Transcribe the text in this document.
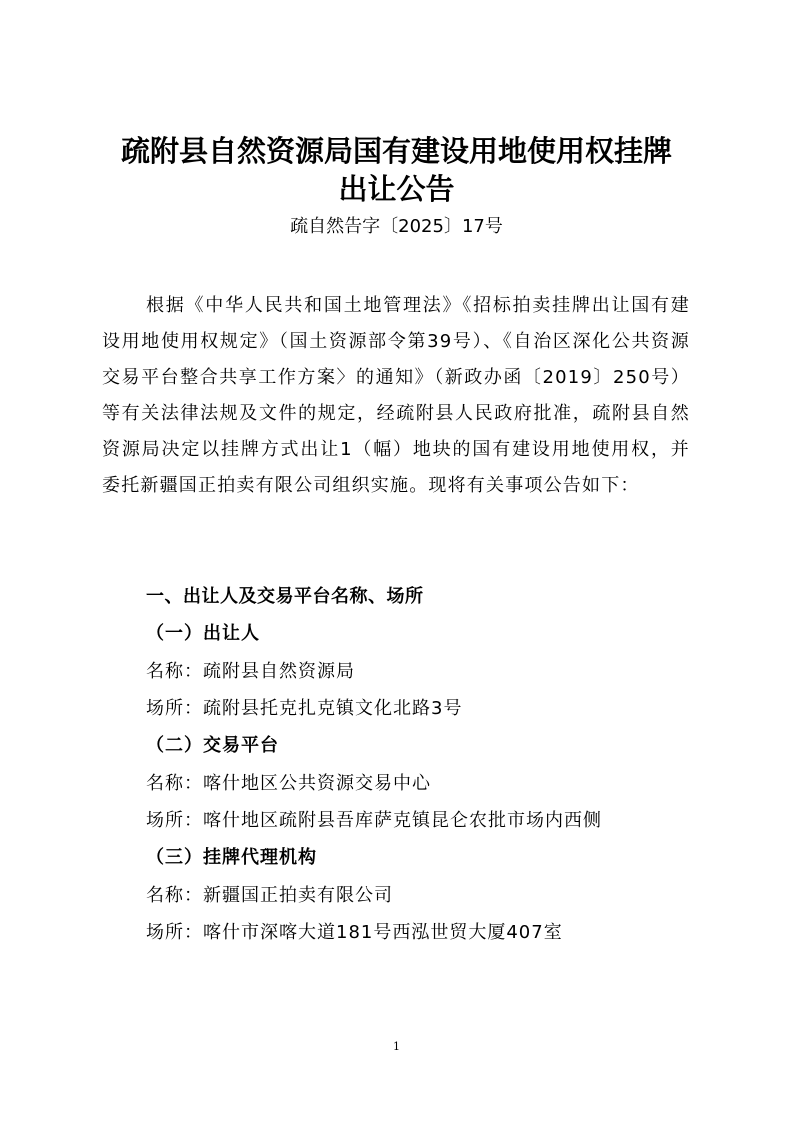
疏附县自然资源局国有建设用地使用权挂牌
出让公告
疏自然告字〔2025〕17号

根据《中华人民共和国土地管理法》《招标拍卖挂牌出让国有建设用地使用权规定》（国土资源部令第39号）、《自治区深化公共资源交易平台整合共享工作方案〉的通知》（新政办函〔2019〕250号）等有关法律法规及文件的规定，经疏附县人民政府批准，疏附县自然资源局决定以挂牌方式出让1（幅）地块的国有建设用地使用权，并委托新疆国正拍卖有限公司组织实施。现将有关事项公告如下：

一、出让人及交易平台名称、场所
（一）出让人
名称：疏附县自然资源局
场所：疏附县托克扎克镇文化北路3号
（二）交易平台
名称：喀什地区公共资源交易中心
场所：喀什地区疏附县吾库萨克镇昆仑农批市场内西侧
（三）挂牌代理机构
名称：新疆国正拍卖有限公司
场所：喀什市深喀大道181号西泓世贸大厦407室
1
